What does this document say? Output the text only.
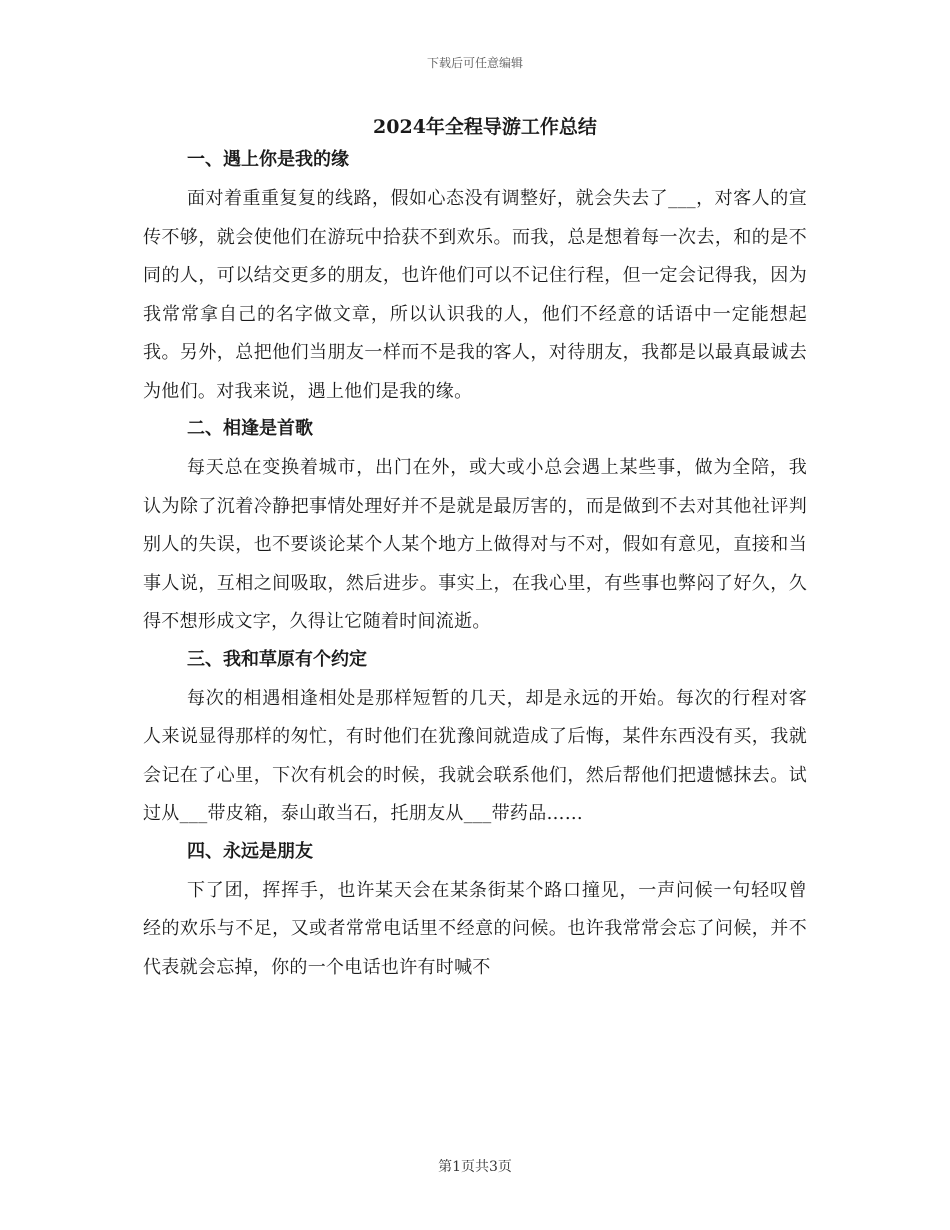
下载后可任意编辑
2024年全程导游工作总结
一、遇上你是我的缘

面对着重重复复的线路，假如心态没有调整好，就会失去了___，对客人的宣传不够，就会使他们在游玩中拾获不到欢乐。而我，总是想着每一次去，和的是不同的人，可以结交更多的朋友，也许他们可以不记住行程，但一定会记得我，因为我常常拿自己的名字做文章，所以认识我的人，他们不经意的话语中一定能想起我。另外，总把他们当朋友一样而不是我的客人，对待朋友，我都是以最真最诚去为他们。对我来说，遇上他们是我的缘。

二、相逢是首歌

每天总在变换着城市，出门在外，或大或小总会遇上某些事，做为全陪，我认为除了沉着冷静把事情处理好并不是就是最厉害的，而是做到不去对其他社评判别人的失误，也不要谈论某个人某个地方上做得对与不对，假如有意见，直接和当事人说，互相之间吸取，然后进步。事实上，在我心里，有些事也弊闷了好久，久得不想形成文字，久得让它随着时间流逝。

三、我和草原有个约定

每次的相遇相逢相处是那样短暂的几天，却是永远的开始。每次的行程对客人来说显得那样的匆忙，有时他们在犹豫间就造成了后悔，某件东西没有买，我就会记在了心里，下次有机会的时候，我就会联系他们，然后帮他们把遗憾抹去。试过从___带皮箱，泰山敢当石，托朋友从___带药品……

四、永远是朋友

下了团，挥挥手，也许某天会在某条街某个路口撞见，一声问候一句轻叹曾经的欢乐与不足，又或者常常电话里不经意的问候。也许我常常会忘了问候，并不代表就会忘掉，你的一个电话也许有时喊不

第1页共3页
